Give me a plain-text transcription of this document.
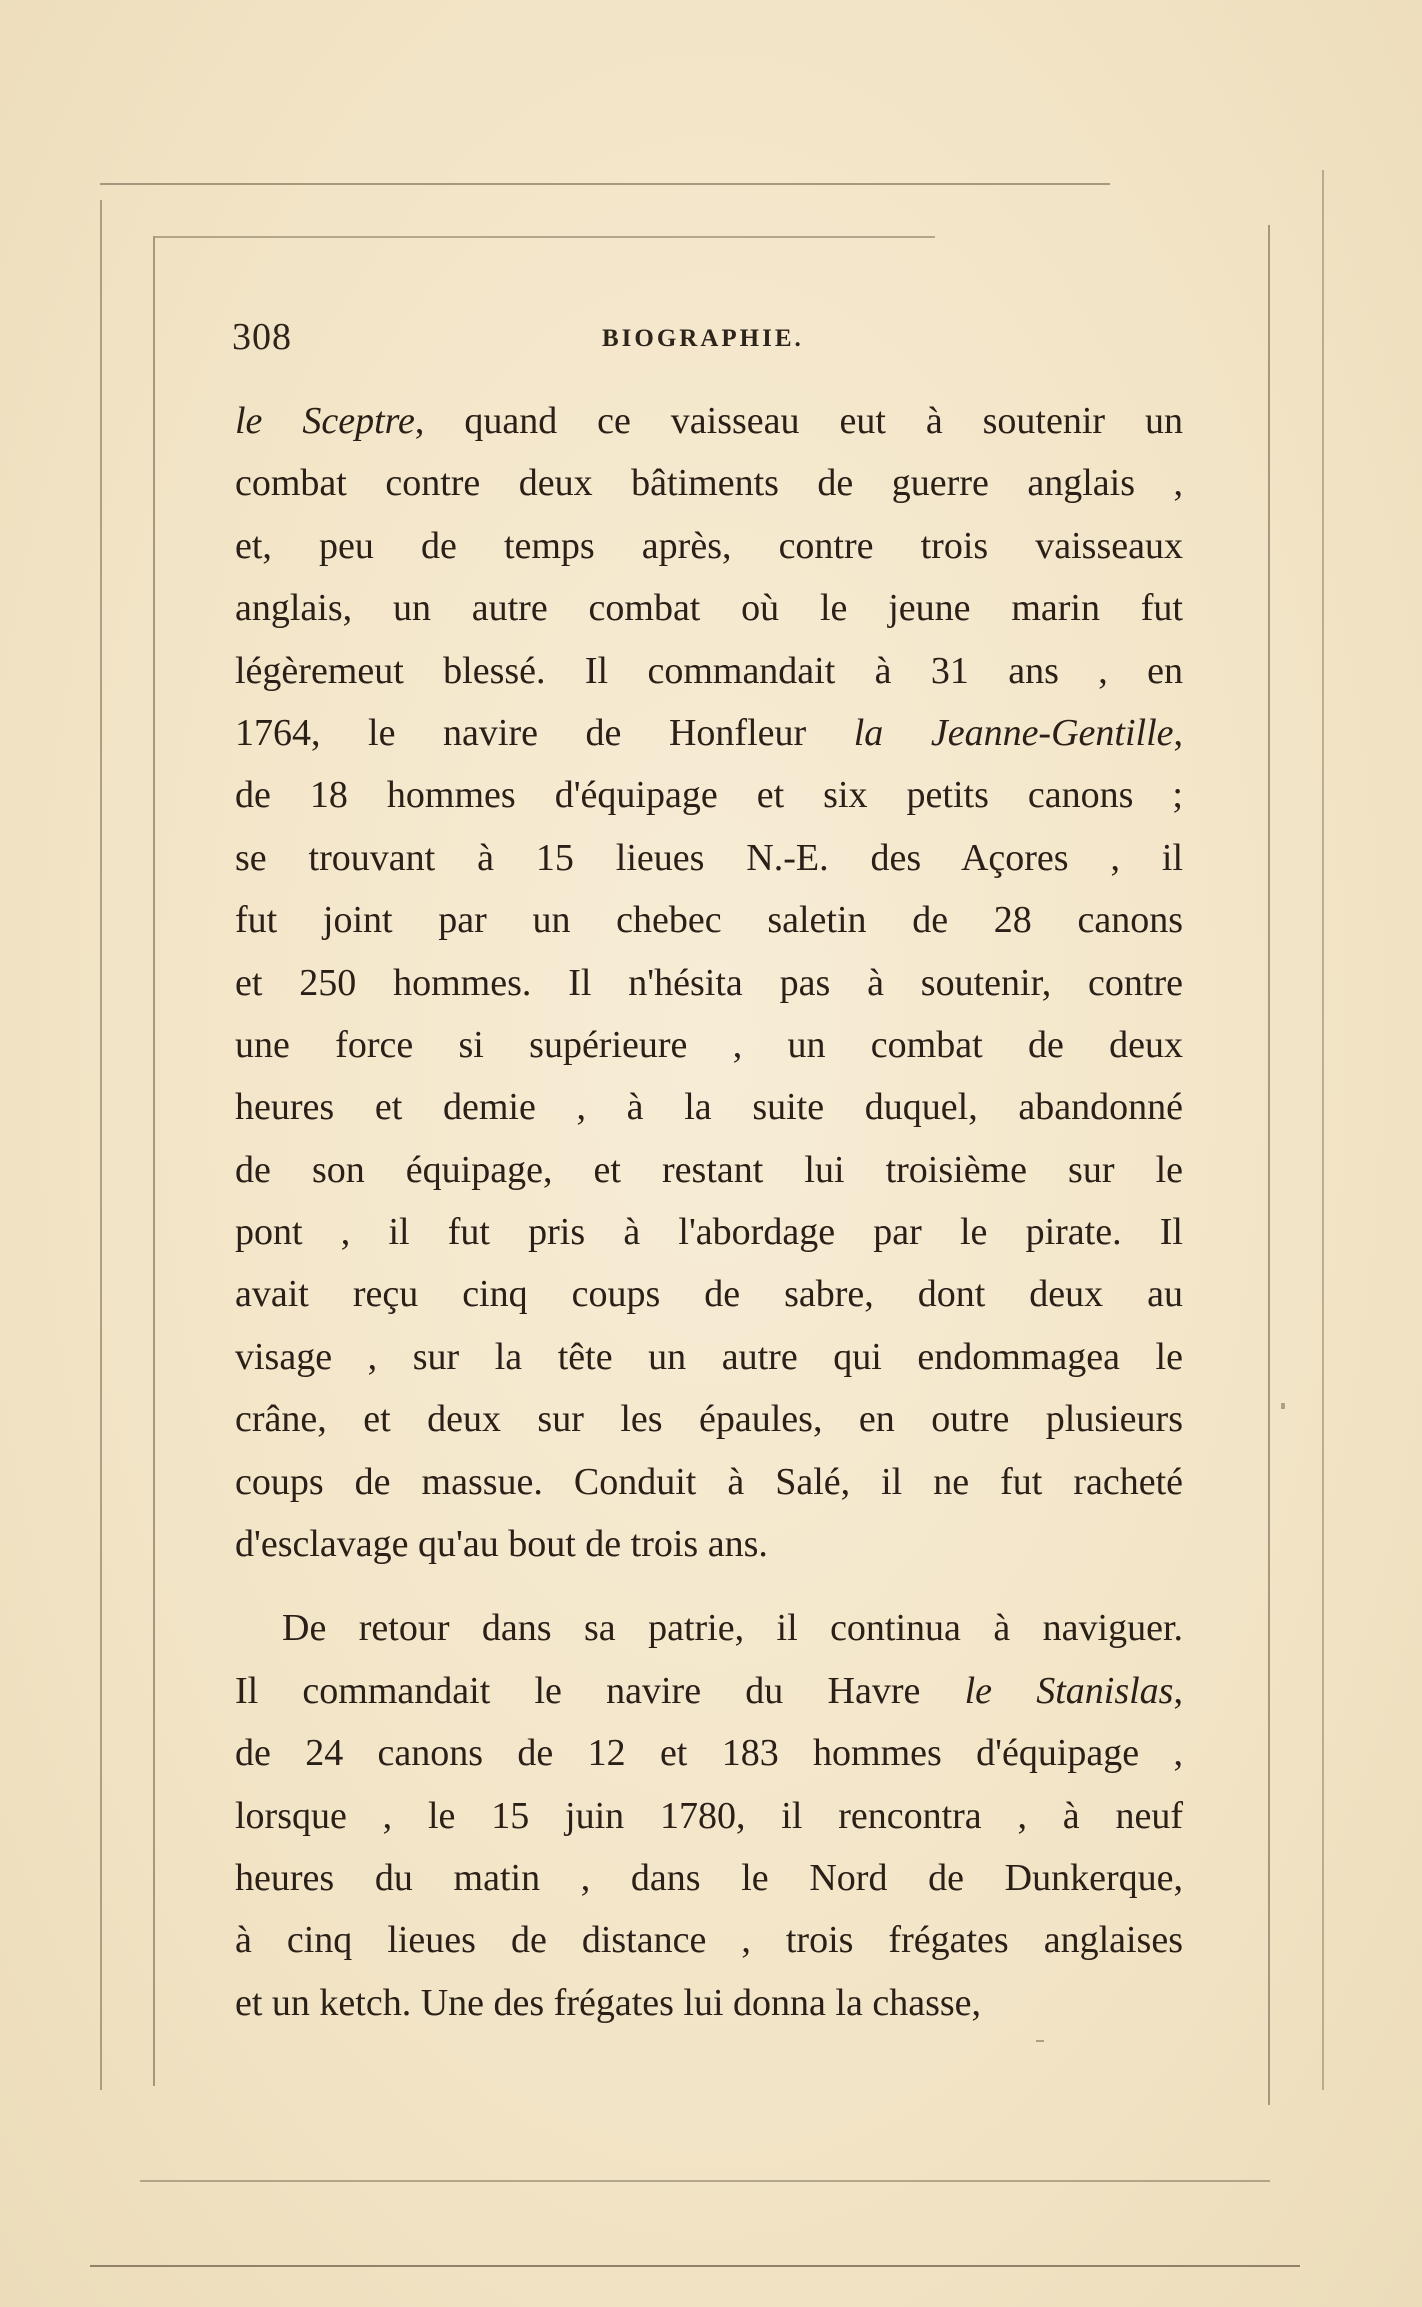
308	BIOGRAPHIE.
le Sceptre, quand ce vaisseau eut à soutenir un
combat contre deux bâtiments de guerre anglais ,
et, peu de temps après, contre trois vaisseaux
anglais, un autre combat où le jeune marin fut
légèremeut blessé. Il commandait à 31 ans , en
1764, le navire de Honfleur la Jeanne-Gentille,
de 18 hommes d'équipage et six petits canons ;
se trouvant à 15 lieues N.-E. des Açores , il
fut joint par un chebec saletin de 28 canons
et 250 hommes. Il n'hésita pas à soutenir, contre
une force si supérieure , un combat de deux
heures et demie , à la suite duquel, abandonné
de son équipage, et restant lui troisième sur le
pont , il fut pris à l'abordage par le pirate. Il
avait reçu cinq coups de sabre, dont deux au
visage , sur la tête un autre qui endommagea le
crâne, et deux sur les épaules, en outre plusieurs
coups de massue. Conduit à Salé, il ne fut racheté
d'esclavage qu'au bout de trois ans.
De retour dans sa patrie, il continua à naviguer.
Il commandait le navire du Havre le Stanislas,
de 24 canons de 12 et 183 hommes d'équipage ,
lorsque , le 15 juin 1780, il rencontra , à neuf
heures du matin , dans le Nord de Dunkerque,
à cinq lieues de distance , trois frégates anglaises
et un ketch. Une des frégates lui donna la chasse,
